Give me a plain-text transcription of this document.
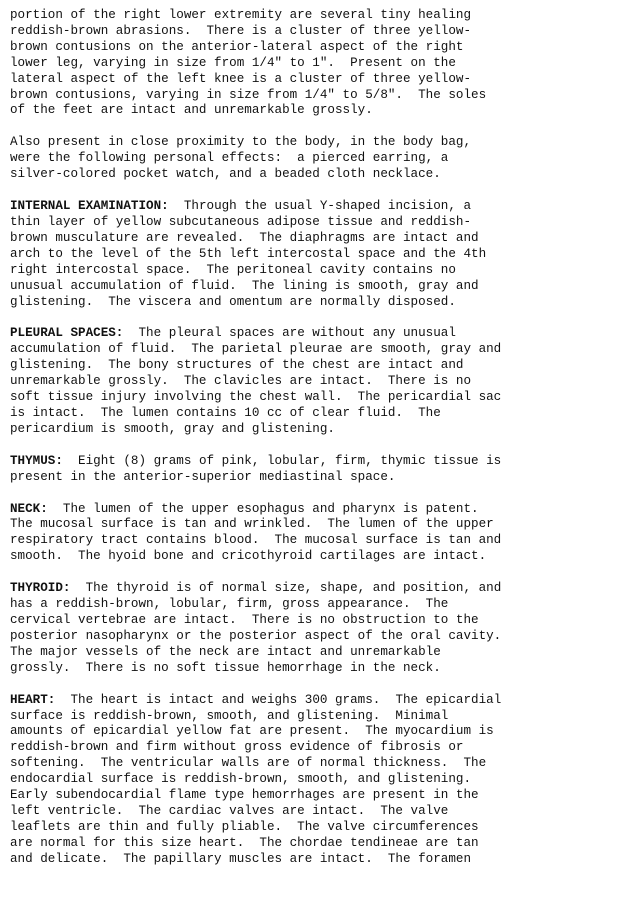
portion of the right lower extremity are several tiny healing
reddish-brown abrasions.  There is a cluster of three yellow-
brown contusions on the anterior-lateral aspect of the right
lower leg, varying in size from 1/4" to 1".  Present on the
lateral aspect of the left knee is a cluster of three yellow-
brown contusions, varying in size from 1/4" to 5/8".  The soles
of the feet are intact and unremarkable grossly.
Also present in close proximity to the body, in the body bag,
were the following personal effects:  a pierced earring, a
silver-colored pocket watch, and a beaded cloth necklace.
INTERNAL EXAMINATION:  Through the usual Y-shaped incision, a
thin layer of yellow subcutaneous adipose tissue and reddish-
brown musculature are revealed.  The diaphragms are intact and
arch to the level of the 5th left intercostal space and the 4th
right intercostal space.  The peritoneal cavity contains no
unusual accumulation of fluid.  The lining is smooth, gray and
glistening.  The viscera and omentum are normally disposed.
PLEURAL SPACES:  The pleural spaces are without any unusual
accumulation of fluid.  The parietal pleurae are smooth, gray and
glistening.  The bony structures of the chest are intact and
unremarkable grossly.  The clavicles are intact.  There is no
soft tissue injury involving the chest wall.  The pericardial sac
is intact.  The lumen contains 10 cc of clear fluid.  The
pericardium is smooth, gray and glistening.
THYMUS:  Eight (8) grams of pink, lobular, firm, thymic tissue is
present in the anterior-superior mediastinal space.
NECK:  The lumen of the upper esophagus and pharynx is patent.
The mucosal surface is tan and wrinkled.  The lumen of the upper
respiratory tract contains blood.  The mucosal surface is tan and
smooth.  The hyoid bone and cricothyroid cartilages are intact.
THYROID:  The thyroid is of normal size, shape, and position, and
has a reddish-brown, lobular, firm, gross appearance.  The
cervical vertebrae are intact.  There is no obstruction to the
posterior nasopharynx or the posterior aspect of the oral cavity.
The major vessels of the neck are intact and unremarkable
grossly.  There is no soft tissue hemorrhage in the neck.
HEART:  The heart is intact and weighs 300 grams.  The epicardial
surface is reddish-brown, smooth, and glistening.  Minimal
amounts of epicardial yellow fat are present.  The myocardium is
reddish-brown and firm without gross evidence of fibrosis or
softening.  The ventricular walls are of normal thickness.  The
endocardial surface is reddish-brown, smooth, and glistening.
Early subendocardial flame type hemorrhages are present in the
left ventricle.  The cardiac valves are intact.  The valve
leaflets are thin and fully pliable.  The valve circumferences
are normal for this size heart.  The chordae tendineae are tan
and delicate.  The papillary muscles are intact.  The foramen
